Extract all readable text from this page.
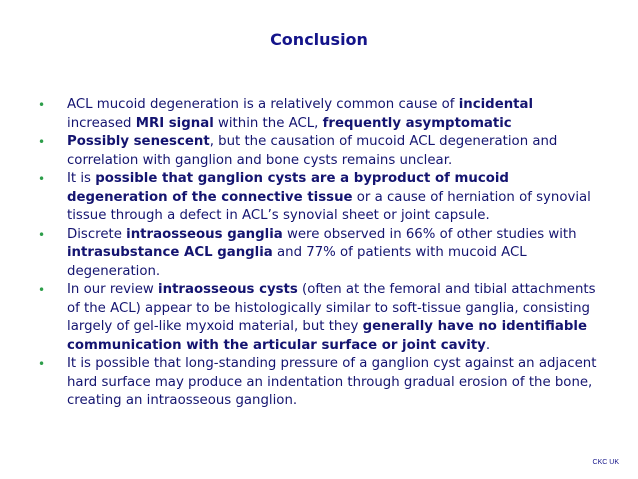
Conclusion
• ACL mucoid degeneration is a relatively common cause of incidental increased MRI signal within the ACL, frequently asymptomatic
• Possibly senescent, but the causation of mucoid ACL degeneration and correlation with ganglion and bone cysts remains unclear.
• It is possible that ganglion cysts are a byproduct of mucoid degeneration of the connective tissue or a cause of herniation of synovial tissue through a defect in ACL’s synovial sheet or joint capsule.
• Discrete intraosseous ganglia were observed in 66% of other studies with intrasubstance ACL ganglia and 77% of patients with mucoid ACL degeneration.
• In our review intraosseous cysts (often at the femoral and tibial attachments of the ACL) appear to be histologically similar to soft-tissue ganglia, consisting largely of gel-like myxoid material, but they generally have no identifiable communication with the articular surface or joint cavity.
• It is possible that long-standing pressure of a ganglion cyst against an adjacent hard surface may produce an indentation through gradual erosion of the bone, creating an intraosseous ganglion.
CKC UK
